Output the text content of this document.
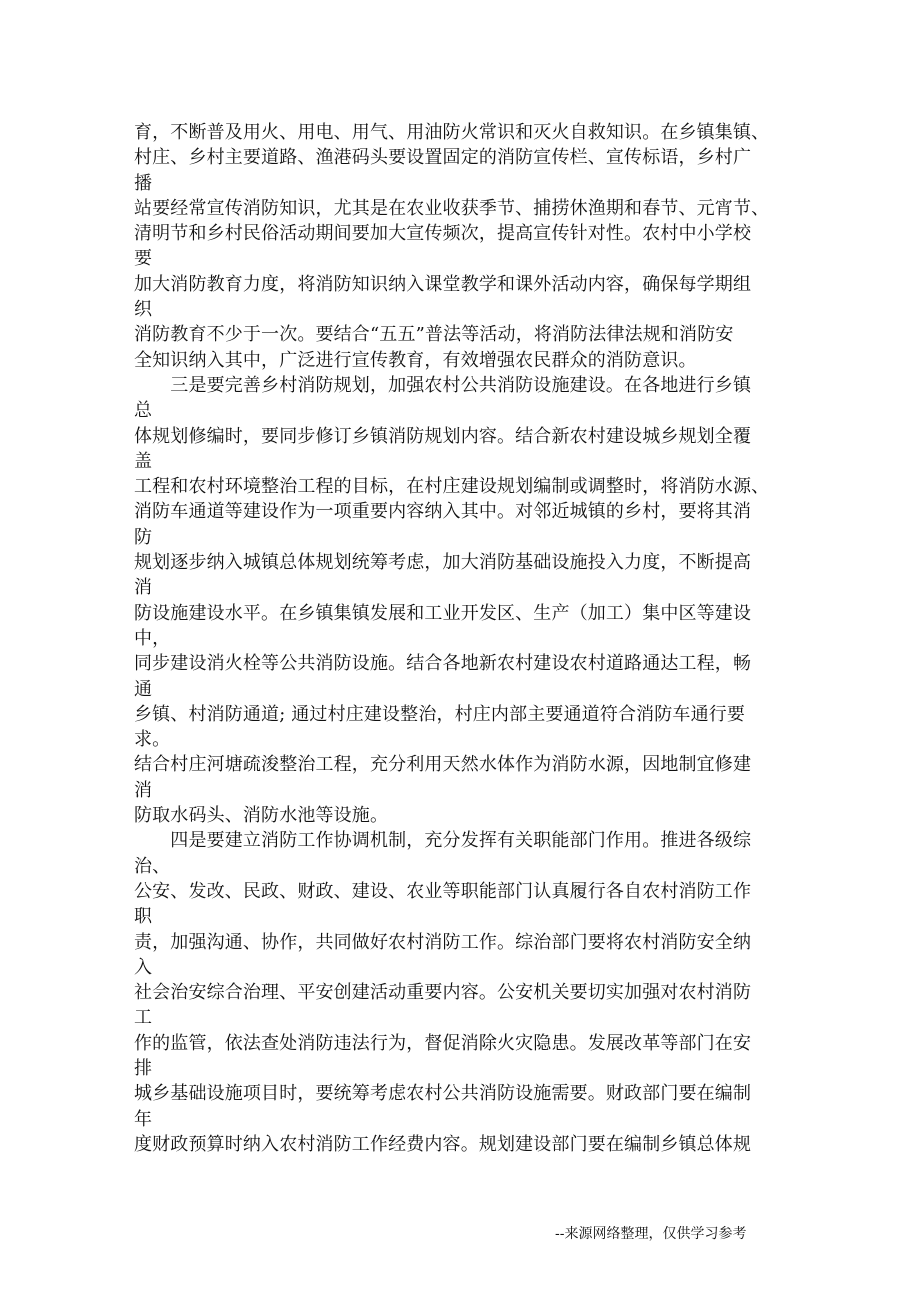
育，不断普及用火、用电、用气、用油防火常识和灭火自救知识。在乡镇集镇、
村庄、乡村主要道路、渔港码头要设置固定的消防宣传栏、宣传标语，乡村广
播
站要经常宣传消防知识，尤其是在农业收获季节、捕捞休渔期和春节、元宵节、
清明节和乡村民俗活动期间要加大宣传频次，提高宣传针对性。农村中小学校
要
加大消防教育力度，将消防知识纳入课堂教学和课外活动内容，确保每学期组
织
消防教育不少于一次。要结合“五五”普法等活动，将消防法律法规和消防安
全知识纳入其中，广泛进行宣传教育，有效增强农民群众的消防意识。
　　三是要完善乡村消防规划，加强农村公共消防设施建设。在各地进行乡镇
总
体规划修编时，要同步修订乡镇消防规划内容。结合新农村建设城乡规划全覆
盖
工程和农村环境整治工程的目标，在村庄建设规划编制或调整时，将消防水源、
消防车通道等建设作为一项重要内容纳入其中。对邻近城镇的乡村，要将其消
防
规划逐步纳入城镇总体规划统筹考虑，加大消防基础设施投入力度，不断提高
消
防设施建设水平。在乡镇集镇发展和工业开发区、生产（加工）集中区等建设
中，
同步建设消火栓等公共消防设施。结合各地新农村建设农村道路通达工程，畅
通
乡镇、村消防通道; 通过村庄建设整治，村庄内部主要通道符合消防车通行要
求。
结合村庄河塘疏浚整治工程，充分利用天然水体作为消防水源，因地制宜修建
消
防取水码头、消防水池等设施。
　　四是要建立消防工作协调机制，充分发挥有关职能部门作用。推进各级综
治、
公安、发改、民政、财政、建设、农业等职能部门认真履行各自农村消防工作
职
责，加强沟通、协作，共同做好农村消防工作。综治部门要将农村消防安全纳
入
社会治安综合治理、平安创建活动重要内容。公安机关要切实加强对农村消防
工
作的监管，依法查处消防违法行为，督促消除火灾隐患。发展改革等部门在安
排
城乡基础设施项目时，要统筹考虑农村公共消防设施需要。财政部门要在编制
年
度财政预算时纳入农村消防工作经费内容。规划建设部门要在编制乡镇总体规
--来源网络整理，仅供学习参考
